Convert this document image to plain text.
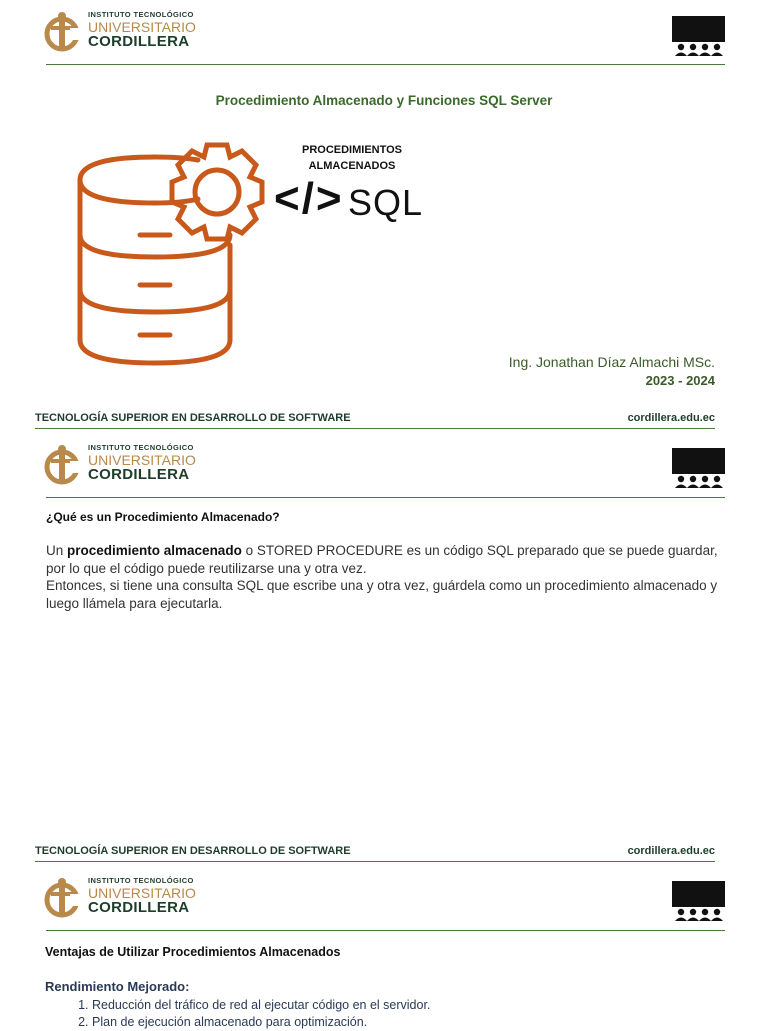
INSTITUTO TECNOLÓGICO
UNIVERSITARIO
CORDILLERA
Procedimiento Almacenado y Funciones SQL Server
PROCEDIMIENTOS
ALMACENADOS
</> SQL
Ing. Jonathan Díaz Almachi MSc.
2023 - 2024
TECNOLOGÍA SUPERIOR EN DESARROLLO DE SOFTWARE	cordillera.edu.ec
INSTITUTO TECNOLÓGICO
UNIVERSITARIO
CORDILLERA
¿Qué es un Procedimiento Almacenado?
Un procedimiento almacenado o STORED PROCEDURE es un código SQL preparado que se puede guardar, por lo que el código puede reutilizarse una y otra vez.
Entonces, si tiene una consulta SQL que escribe una y otra vez, guárdela como un procedimiento almacenado y luego llámela para ejecutarla.
TECNOLOGÍA SUPERIOR EN DESARROLLO DE SOFTWARE	cordillera.edu.ec
INSTITUTO TECNOLÓGICO
UNIVERSITARIO
CORDILLERA
Ventajas de Utilizar Procedimientos Almacenados
Rendimiento Mejorado:
1. Reducción del tráfico de red al ejecutar código en el servidor.
2. Plan de ejecución almacenado para optimización.
